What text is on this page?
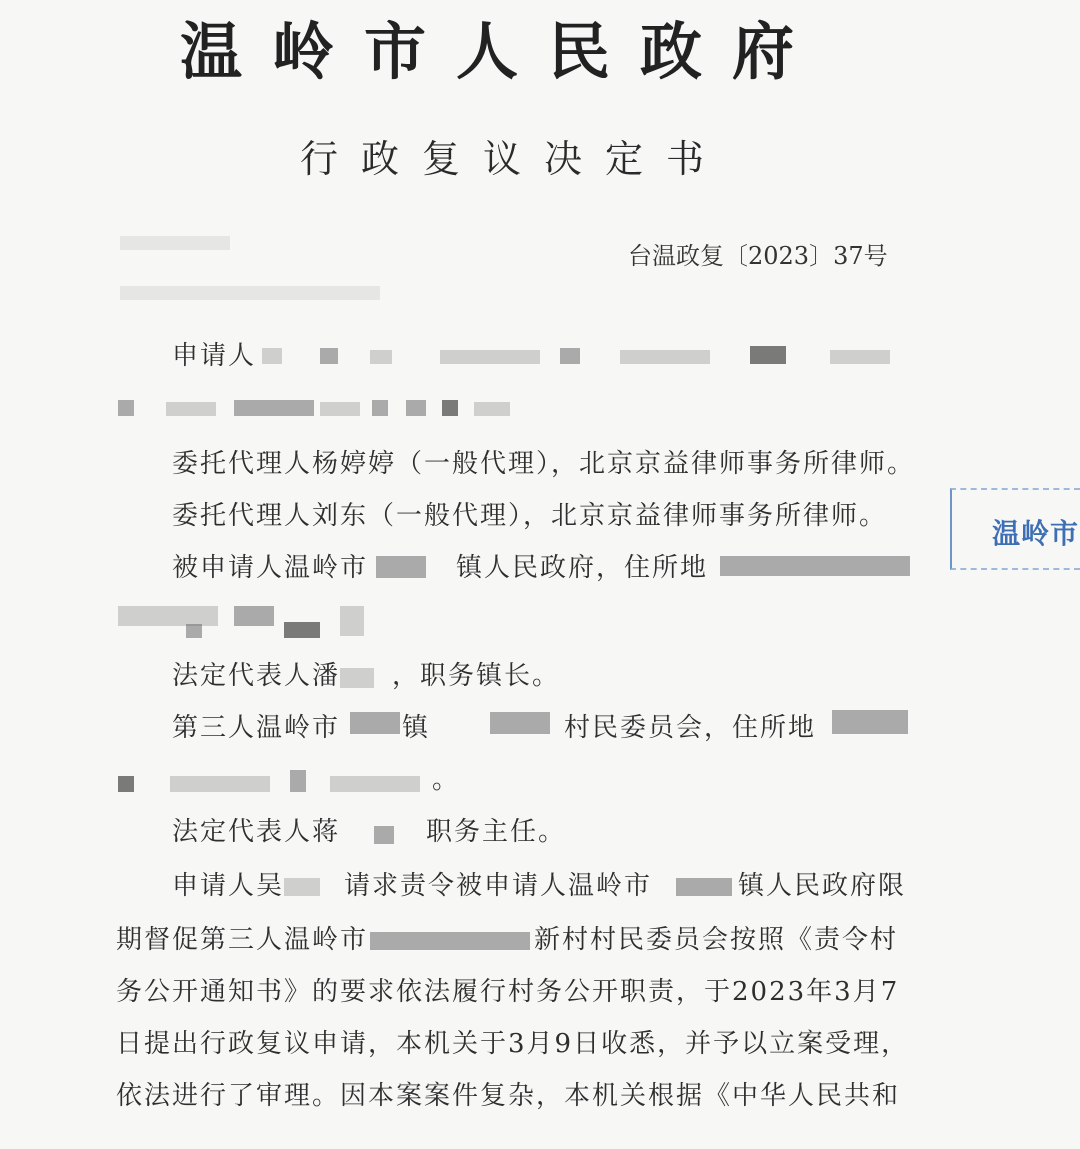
温岭市人民政府
行政复议决定书
台温政复〔2023〕37号
申请人
委托代理人杨婷婷（一般代理），北京京益律师事务所律师。
委托代理人刘东（一般代理），北京京益律师事务所律师。
被申请人温岭市	镇人民政府，住所地
法定代表人潘 ，职务镇长。
第三人温岭市 镇	村民委员会，住所地
。
法定代表人蒋	职务主任。
申请人吴 请求责令被申请人温岭市	镇人民政府限
期督促第三人温岭市	新村村民委员会按照《责令村
务公开通知书》的要求依法履行村务公开职责，于2023年3月7
日提出行政复议申请，本机关于3月9日收悉，并予以立案受理，
依法进行了审理。因本案案件复杂，本机关根据《中华人民共和
温岭市
